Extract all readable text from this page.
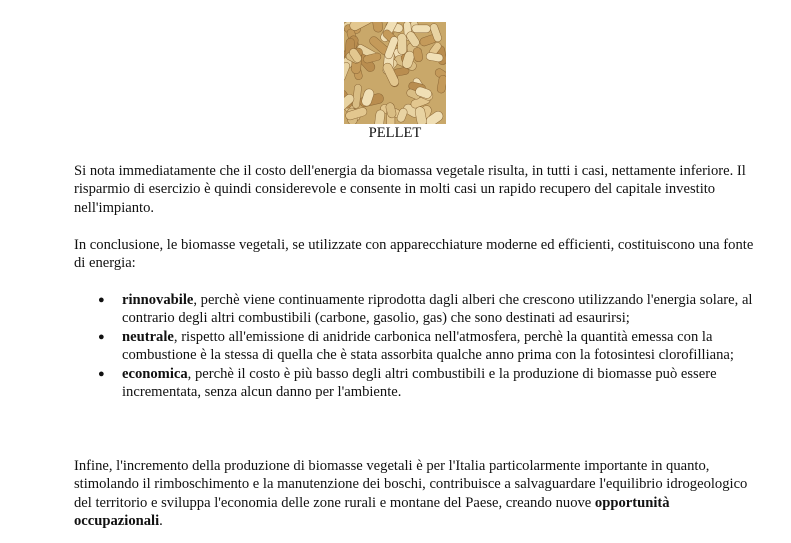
PELLET

Si nota immediatamente che il costo dell'energia da biomassa vegetale risulta, in tutti i casi, nettamente inferiore. Il risparmio di esercizio è quindi considerevole e consente in molti casi un rapido recupero del capitale investito nell'impianto.

In conclusione, le biomasse vegetali, se utilizzate con apparecchiature moderne ed efficienti, costituiscono una fonte di energia:

● rinnovabile, perchè viene continuamente riprodotta dagli alberi che crescono utilizzando l'energia solare, al contrario degli altri combustibili (carbone, gasolio, gas) che sono destinati ad esaurirsi;
● neutrale, rispetto all'emissione di anidride carbonica nell'atmosfera, perchè la quantità emessa con la combustione è la stessa di quella che è stata assorbita qualche anno prima con la fotosintesi clorofilliana;
● economica, perchè il costo è più basso degli altri combustibili e la produzione di biomasse può essere incrementata, senza alcun danno per l'ambiente.

Infine, l'incremento della produzione di biomasse vegetali è per l'Italia particolarmente importante in quanto, stimolando il rimboschimento e la manutenzione dei boschi, contribuisce a salvaguardare l'equilibrio idrogeologico del territorio e sviluppa l'economia delle zone rurali e montane del Paese, creando nuove opportunità occupazionali.
